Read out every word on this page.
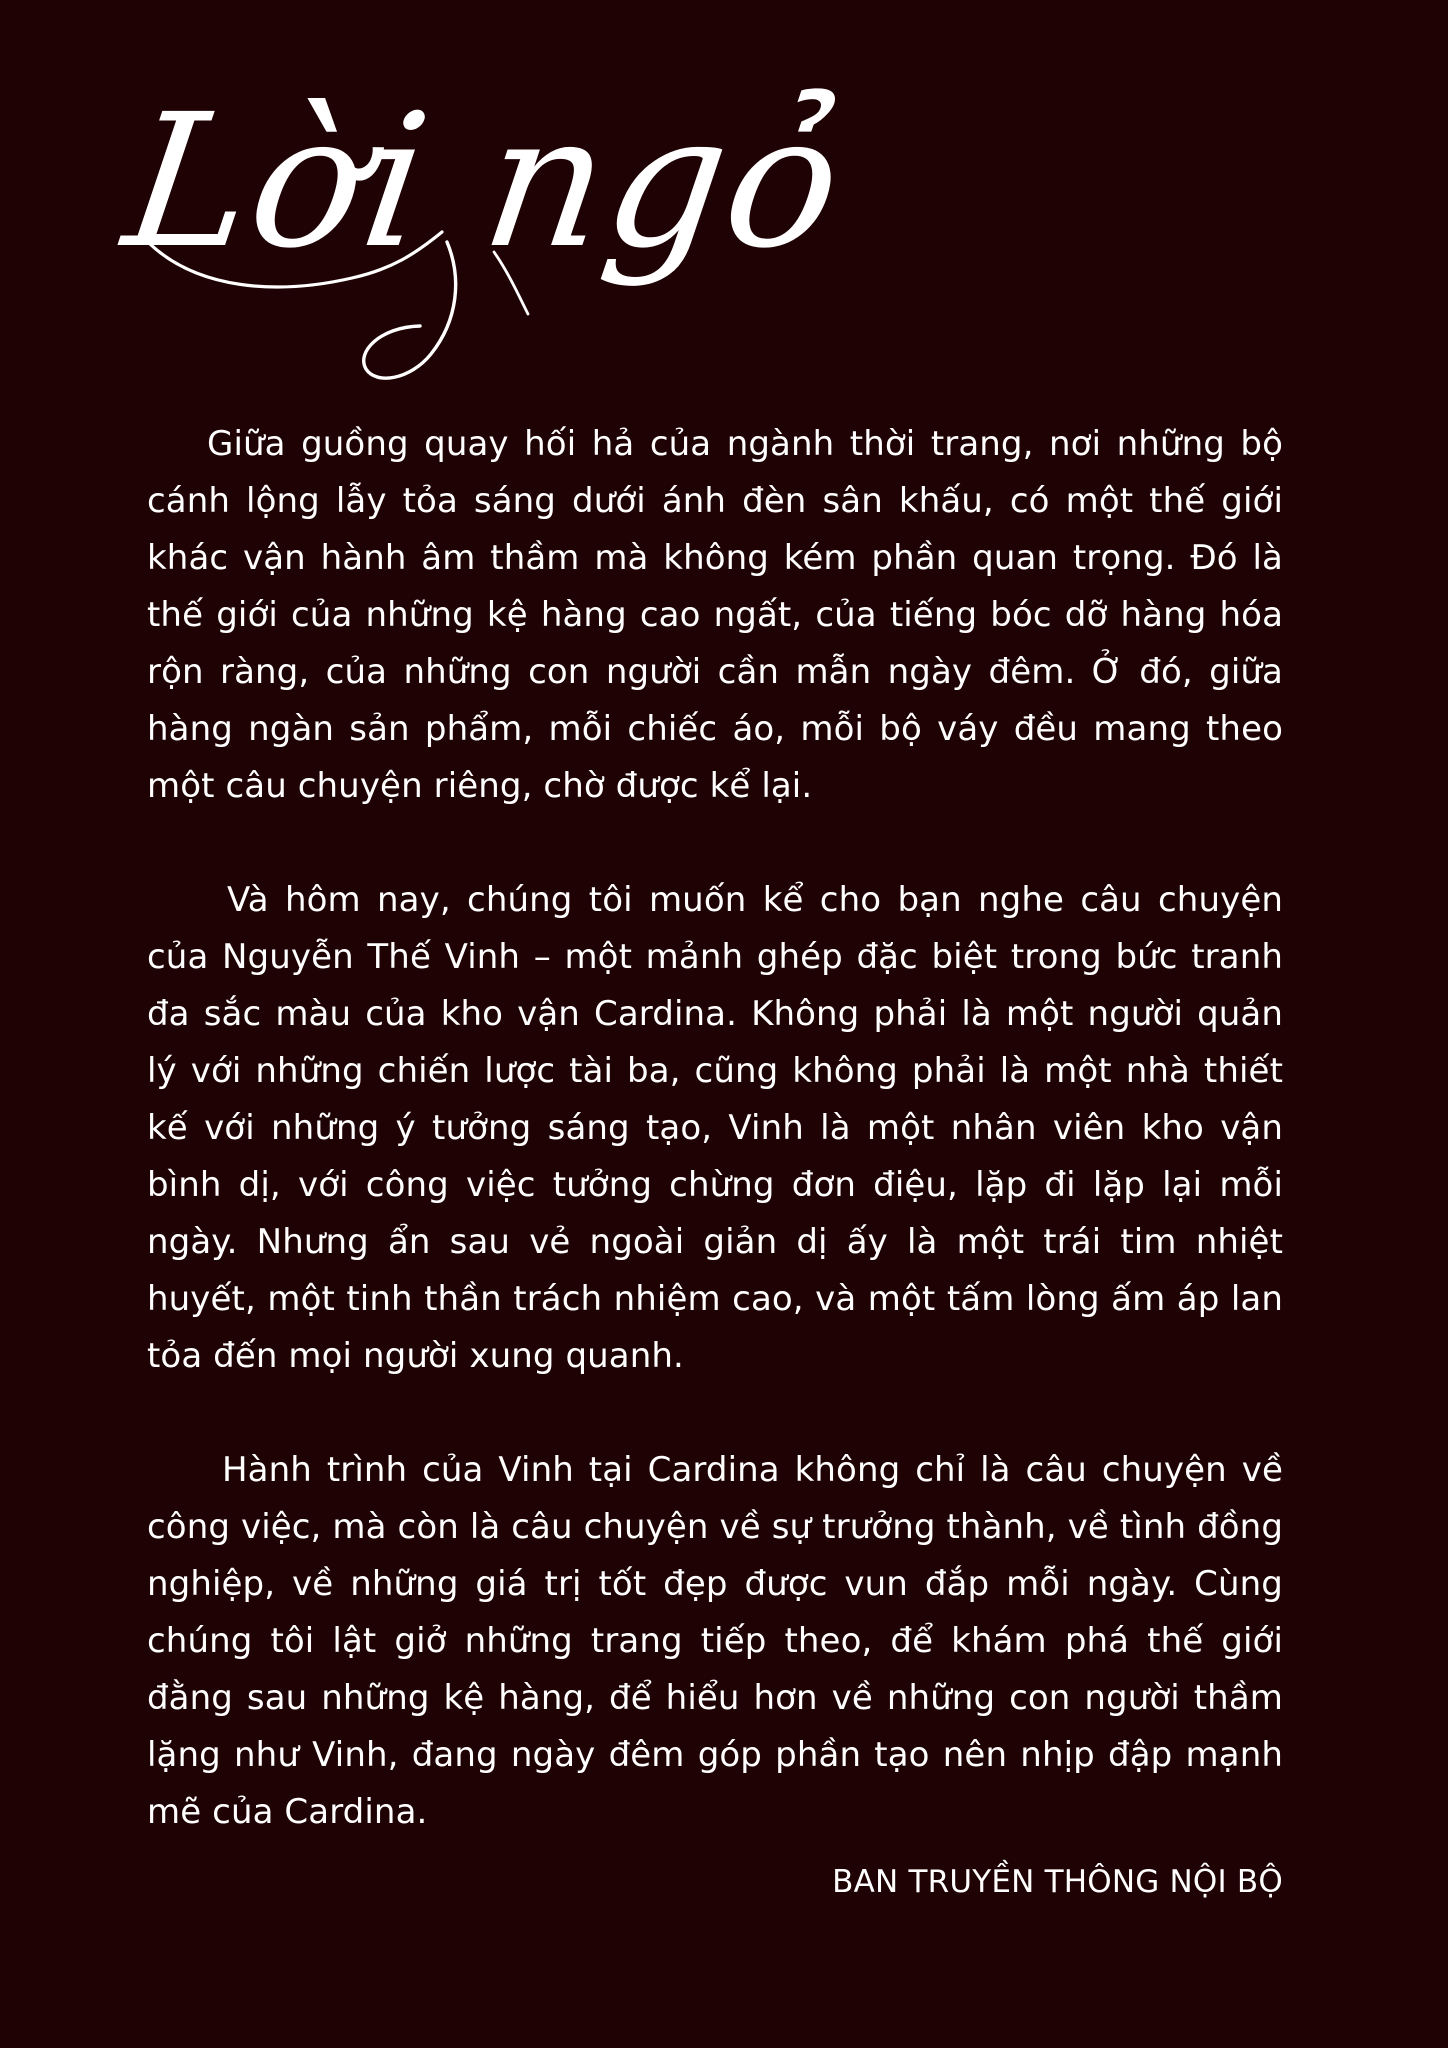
Lời ngỏ

Giữa guồng quay hối hả của ngành thời trang, nơi những bộ cánh lộng lẫy tỏa sáng dưới ánh đèn sân khấu, có một thế giới khác vận hành âm thầm mà không kém phần quan trọng. Đó là thế giới của những kệ hàng cao ngất, của tiếng bóc dỡ hàng hóa rộn ràng, của những con người cần mẫn ngày đêm. Ở đó, giữa hàng ngàn sản phẩm, mỗi chiếc áo, mỗi bộ váy đều mang theo một câu chuyện riêng, chờ được kể lại.

Và hôm nay, chúng tôi muốn kể cho bạn nghe câu chuyện của Nguyễn Thế Vinh – một mảnh ghép đặc biệt trong bức tranh đa sắc màu của kho vận Cardina. Không phải là một người quản lý với những chiến lược tài ba, cũng không phải là một nhà thiết kế với những ý tưởng sáng tạo, Vinh là một nhân viên kho vận bình dị, với công việc tưởng chừng đơn điệu, lặp đi lặp lại mỗi ngày. Nhưng ẩn sau vẻ ngoài giản dị ấy là một trái tim nhiệt huyết, một tinh thần trách nhiệm cao, và một tấm lòng ấm áp lan tỏa đến mọi người xung quanh.

Hành trình của Vinh tại Cardina không chỉ là câu chuyện về công việc, mà còn là câu chuyện về sự trưởng thành, về tình đồng nghiệp, về những giá trị tốt đẹp được vun đắp mỗi ngày. Cùng chúng tôi lật giở những trang tiếp theo, để khám phá thế giới đằng sau những kệ hàng, để hiểu hơn về những con người thầm lặng như Vinh, đang ngày đêm góp phần tạo nên nhịp đập mạnh mẽ của Cardina.

BAN TRUYỀN THÔNG NỘI BỘ
